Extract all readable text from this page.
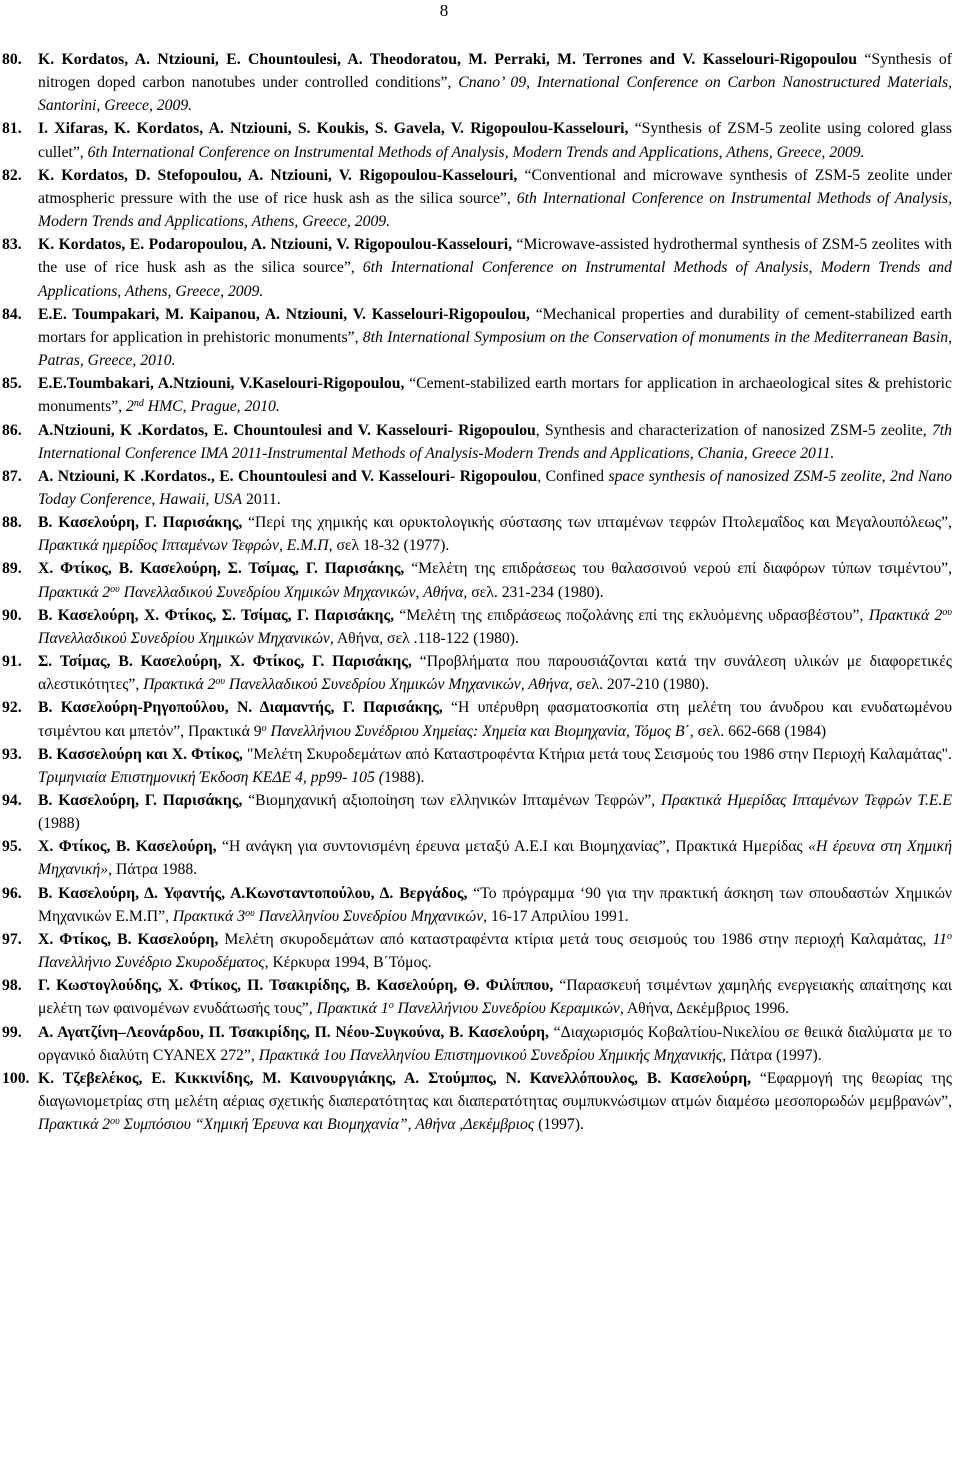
8
80. K. Kordatos, A. Ntziouni, E. Chountoulesi, A. Theodoratou, M. Perraki, M. Terrones and V. Kasselouri-Rigopoulou “Synthesis of nitrogen doped carbon nanotubes under controlled conditions”, Cnano’ 09, International Conference on Carbon Nanostructured Materials, Santorini, Greece, 2009.
81. I. Xifaras, K. Kordatos, A. Ntziouni, S. Koukis, S. Gavela, V. Rigopoulou-Kasselouri, “Synthesis of ZSM-5 zeolite using colored glass cullet”, 6th International Conference on Instrumental Methods of Analysis, Modern Trends and Applications, Athens, Greece, 2009.
82. K. Kordatos, D. Stefopoulou, A. Ntziouni, V. Rigopoulou-Kasselouri, “Conventional and microwave synthesis of ZSM-5 zeolite under atmospheric pressure with the use of rice husk ash as the silica source”, 6th International Conference on Instrumental Methods of Analysis, Modern Trends and Applications, Athens, Greece, 2009.
83. K. Kordatos, E. Podaropoulou, A. Ntziouni, V. Rigopoulou-Kasselouri, “Microwave-assisted hydrothermal synthesis of ZSM-5 zeolites with the use of rice husk ash as the silica source”, 6th International Conference on Instrumental Methods of Analysis, Modern Trends and Applications, Athens, Greece, 2009.
84. E.E. Toumpakari, M. Kaipanou, A. Ntziouni, V. Kasselouri-Rigopoulou, “Mechanical properties and durability of cement-stabilized earth mortars for application in prehistoric monuments”, 8th International Symposium on the Conservation of monuments in the Mediterranean Basin, Patras, Greece, 2010.
85. E.E.Toumbakari, A.Ntziouni, V.Kaselouri-Rigopoulou, “Cement-stabilized earth mortars for application in archaeological sites & prehistoric monuments”, 2nd HMC, Prague, 2010.
86. A.Ntziouni, K .Kordatos, E. Chountoulesi and V. Kasselouri- Rigopoulou, Synthesis and characterization of nanosized ZSM-5 zeolite, 7th International Conference IMA 2011-Instrumental Methods of Analysis-Modern Trends and Applications, Chania, Greece 2011.
87. A. Ntziouni, K .Kordatos., E. Chountoulesi and V. Kasselouri- Rigopoulou, Confined space synthesis of nanosized ZSM-5 zeolite, 2nd Nano Today Conference, Hawaii, USA 2011.
88. Β. Κασελούρη, Γ. Παρισάκης, “Περί της χημικής και ορυκτολογικής σύστασης των ιπταμένων τεφρών Πτολεμαΐδος και Μεγαλουπόλεως”, Πρακτικά ημερίδος Ιπταμένων Τεφρών, Ε.Μ.Π, σελ 18-32 (1977).
89. Χ. Φτίκος, Β. Κασελούρη, Σ. Τσίμας, Γ. Παρισάκης, “Μελέτη της επιδράσεως του θαλασσινού νερού επί διαφόρων τύπων τσιμέντου”, Πρακτικά $2^{o\upsilon}$ Πανελλαδικού Συνεδρίου Χημικών Μηχανικών, Αθήνα, σελ. 231-234 (1980).
90. Β. Κασελούρη, Χ. Φτίκος, Σ. Τσίμας, Γ. Παρισάκης, “Μελέτη της επιδράσεως ποζολάνης επί της εκλυόμενης υδρασβέστου”, Πρακτικά $2^{o\upsilon}$ Πανελλαδικού Συνεδρίου Χημικών Μηχανικών, Αθήνα, σελ .118-122 (1980).
91. Σ. Τσίμας, Β. Κασελούρη, Χ. Φτίκος, Γ. Παρισάκης, “Προβλήματα που παρουσιάζονται κατά την συνάλεση υλικών με διαφορετικές αλεστικότητες”, Πρακτικά $2^{o\upsilon}$ Πανελλαδικού Συνεδρίου Χημικών Μηχανικών, Αθήνα, σελ. 207-210 (1980).
92. Β. Κασελούρη-Ρηγοπούλου, Ν. Διαμαντής, Γ. Παρισάκης, “Η υπέρυθρη φασματοσκοπία στη μελέτη του άνυδρου και ενυδατωμένου τσιμέντου και μπετόν”, Πρακτικά $9^o$ Πανελλήνιου Συνέδριου Χημείας: Χημεία και Βιομηχανία, Τόμος Β΄, σελ. 662-668 (1984)
93. Β. Κασσελούρη και Χ. Φτίκος, "Μελέτη Σκυροδεμάτων από Καταστροφέντα Κτήρια μετά τους Σεισμούς του 1986 στην Περιοχή Καλαμάτας". Τριμηνιαία Επιστημονική Έκδοση ΚΕΔΕ 4, pp99- 105 (1988).
94. Β. Κασελούρη, Γ. Παρισάκης, “Βιομηχανική αξιοποίηση των ελληνικών Ιπταμένων Τεφρών”, Πρακτικά Ημερίδας Ιπταμένων Τεφρών Τ.Ε.Ε (1988)
95. Χ. Φτίκος, Β. Κασελούρη, “Η ανάγκη για συντονισμένη έρευνα μεταξύ Α.Ε.Ι και Βιομηχανίας”, Πρακτικά Ημερίδας «Η έρευνα στη Χημική Μηχανική», Πάτρα 1988.
96. Β. Κασελούρη, Δ. Υφαντής, Α.Κωνσταντοπούλου, Δ. Βεργάδος, “Το πρόγραμμα ‘90 για την πρακτική άσκηση των σπουδαστών Χημικών Μηχανικών Ε.Μ.Π”, Πρακτικά $3^{o\upsilon}$ Πανελληνίου Συνεδρίου Μηχανικών, 16-17 Απριλίου 1991.
97. Χ. Φτίκος, Β. Κασελούρη, Μελέτη σκυροδεμάτων από καταστραφέντα κτίρια μετά τους σεισμούς του 1986 στην περιοχή Καλαμάτας, $11^o$ Πανελλήνιο Συνέδριο Σκυροδέματος, Κέρκυρα 1994, Β΄Τόμος.
98. Γ. Κωστογλούδης, Χ. Φτίκος, Π. Τσακιρίδης, Β. Κασελούρη, Θ. Φιλίππου, “Παρασκευή τσιμέντων χαμηλής ενεργειακής απαίτησης και μελέτη των φαινομένων ενυδάτωσής τους”, Πρακτικά $1^o$ Πανελλήνιου Συνεδρίου Κεραμικών, Αθήνα, Δεκέμβριος 1996.
99. Α. Αγατζίνη–Λεονάρδου, Π. Τσακιρίδης, Π. Νέου-Συγκούνα, Β. Κασελούρη, “Διαχωρισμός Κοβαλτίου-Νικελίου σε θειικά διαλύματα με το οργανικό διαλύτη CYANEX 272”, Πρακτικά 1ου Πανελληνίου Επιστημονικού Συνεδρίου Χημικής Μηχανικής, Πάτρα (1997).
100. Κ. Τζεβελέκος, Ε. Κικκινίδης, Μ. Καινουργιάκης, Α. Στούμπος, Ν. Κανελλόπουλος, Β. Κασελούρη, “Εφαρμογή της θεωρίας της διαγωνιομετρίας στη μελέτη αέριας σχετικής διαπερατότητας και διαπερατότητας συμπυκνώσιμων ατμών διαμέσω μεσοπορωδών μεμβρανών”, Πρακτικά $2^{o\upsilon}$ Συμπόσιου “Χημική Έρευνα και Βιομηχανία”, Αθήνα ,Δεκέμβριος (1997).
